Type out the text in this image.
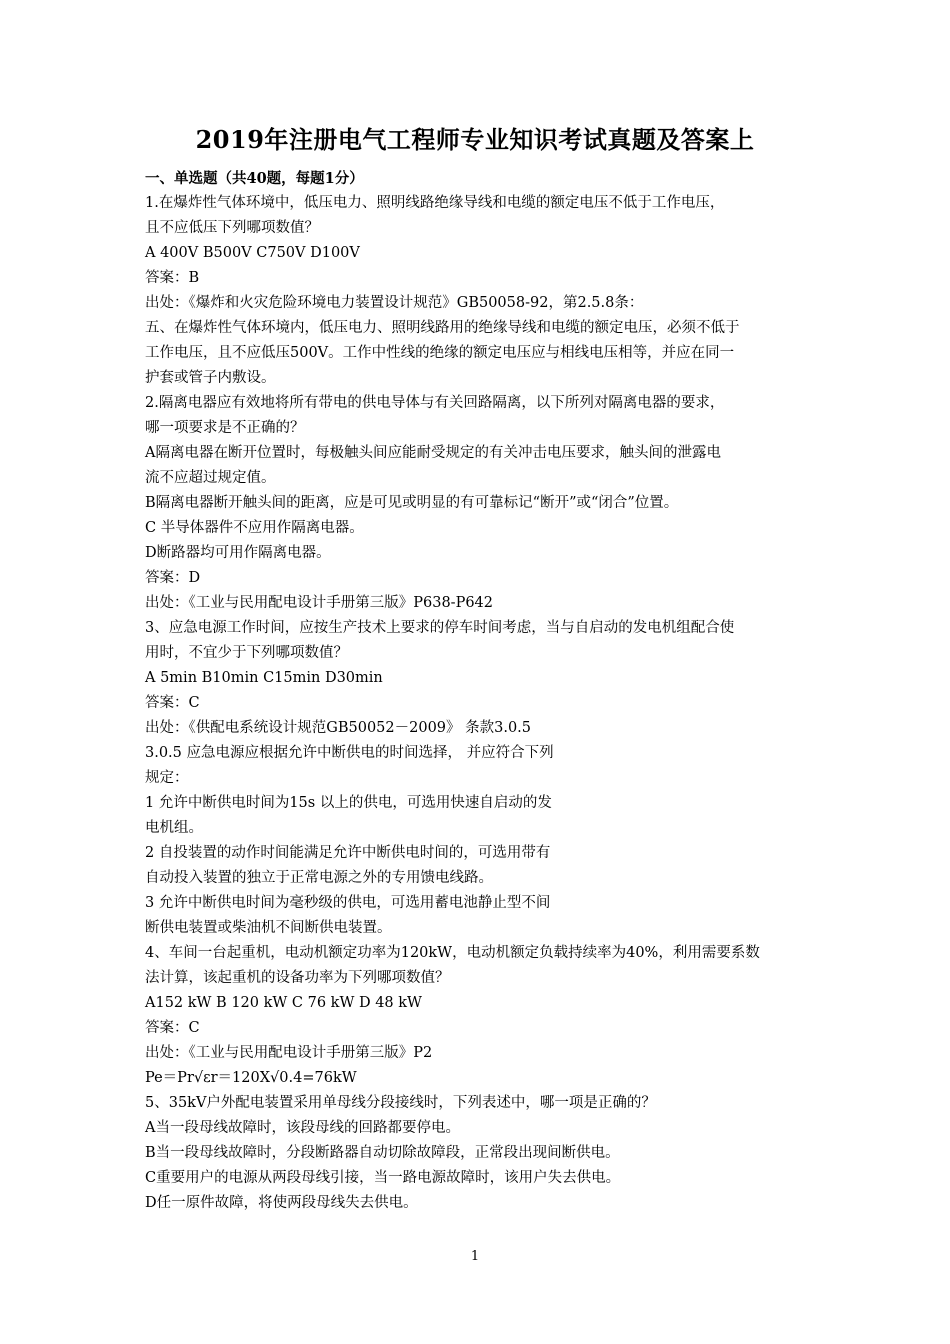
2019年注册电气工程师专业知识考试真题及答案上
一、单选题（共40题，每题1分）
1.在爆炸性气体环境中，低压电力、照明线路绝缘导线和电缆的额定电压不低于工作电压，
且不应低压下列哪项数值？
A 400V B500V C750V D100V
答案：B
出处：《爆炸和火灾危险环境电力装置设计规范》GB50058-92，第2.5.8条：
五、在爆炸性气体环境内，低压电力、照明线路用的绝缘导线和电缆的额定电压，必须不低于
工作电压，且不应低压500V。工作中性线的绝缘的额定电压应与相线电压相等，并应在同一
护套或管子内敷设。
2.隔离电器应有效地将所有带电的供电导体与有关回路隔离，以下所列对隔离电器的要求，
哪一项要求是不正确的？
A隔离电器在断开位置时，每极触头间应能耐受规定的有关冲击电压要求，触头间的泄露电
流不应超过规定值。
B隔离电器断开触头间的距离，应是可见或明显的有可靠标记“断开”或“闭合”位置。
C 半导体器件不应用作隔离电器。
D断路器均可用作隔离电器。
答案：D
出处：《工业与民用配电设计手册第三版》P638-P642
3、应急电源工作时间，应按生产技术上要求的停车时间考虑，当与自启动的发电机组配合使
用时，不宜少于下列哪项数值？
A 5min B10min C15min D30min
答案：C
出处：《供配电系统设计规范GB50052－2009》 条款3.0.5
3.0.5 应急电源应根据允许中断供电的时间选择， 并应符合下列
规定：
1 允许中断供电时间为15s 以上的供电，可选用快速自启动的发
电机组。
2 自投装置的动作时间能满足允许中断供电时间的，可选用带有
自动投入装置的独立于正常电源之外的专用馈电线路。
3 允许中断供电时间为毫秒级的供电，可选用蓄电池静止型不间
断供电装置或柴油机不间断供电装置。
4、车间一台起重机，电动机额定功率为120kW，电动机额定负载持续率为40%，利用需要系数
法计算，该起重机的设备功率为下列哪项数值？
A152 kW B 120 kW C 76 kW D 48 kW
答案：C
出处：《工业与民用配电设计手册第三版》P2
Pe＝Pr√εr＝120X√0.4=76kW
5、35kV户外配电装置采用单母线分段接线时，下列表述中，哪一项是正确的？
A当一段母线故障时，该段母线的回路都要停电。
B当一段母线故障时，分段断路器自动切除故障段，正常段出现间断供电。
C重要用户的电源从两段母线引接，当一路电源故障时，该用户失去供电。
D任一原件故障，将使两段母线失去供电。
1
